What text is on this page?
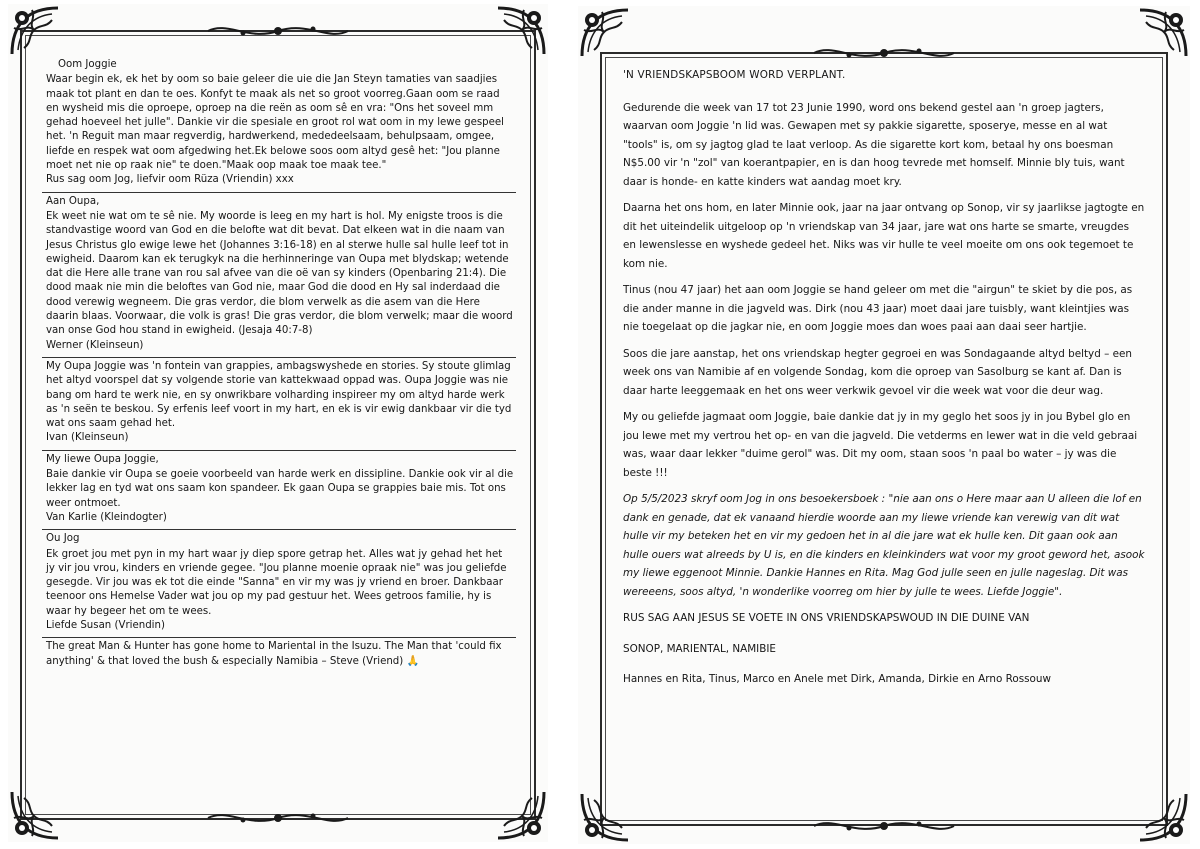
Oom Joggie

Waar begin ek, ek het by oom so baie geleer die uie die Jan Steyn tamaties van saadjies maak tot plant en dan te oes. Konfyt te maak als net so groot voorreg.Gaan oom se raad en wysheid mis die oproepe, oproep na die reën as oom sê en vra: "Ons het soveel mm gehad hoeveel het julle". Dankie vir die spesiale en groot rol wat oom in my lewe gespeel het. 'n Reguit man maar regverdig, hardwerkend, mededeelsaam, behulpsaam, omgee, liefde en respek wat oom afgedwing het.Ek belowe soos oom altyd gesê het: "Jou planne moet net nie op raak nie" te doen."Maak oop maak toe maak tee."

Rus sag oom Jog, liefvir oom Rüza (Vriendin) xxx

Aan Oupa,

Ek weet nie wat om te sê nie. My woorde is leeg en my hart is hol. My enigste troos is die standvastige woord van God en die belofte wat dit bevat. Dat elkeen wat in die naam van Jesus Christus glo ewige lewe het (Johannes 3:16-18) en al sterwe hulle sal hulle leef tot in ewigheid. Daarom kan ek terugkyk na die herhinneringe van Oupa met blydskap; wetende dat die Here alle trane van rou sal afvee van die oë van sy kinders (Openbaring 21:4). Die dood maak nie min die beloftes van God nie, maar God die dood en Hy sal inderdaad die dood verewig wegneem. Die gras verdor, die blom verwelk as die asem van die Here daarin blaas. Voorwaar, die volk is gras! Die gras verdor, die blom verwelk; maar die woord van onse God hou stand in ewigheid. (Jesaja 40:7-8)

Werner (Kleinseun)

My Oupa Joggie was 'n fontein van grappies, ambagswyshede en stories. Sy stoute glimlag het altyd voorspel dat sy volgende storie van kattekwaad oppad was. Oupa Joggie was nie bang om hard te werk nie, en sy onwrikbare volharding inspireer my om altyd harde werk as 'n seën te beskou. Sy erfenis leef voort in my hart, en ek is vir ewig dankbaar vir die tyd wat ons saam gehad het.

Ivan (Kleinseun)

My liewe Oupa Joggie,

Baie dankie vir Oupa se goeie voorbeeld van harde werk en dissipline. Dankie ook vir al die lekker lag en tyd wat ons saam kon spandeer. Ek gaan Oupa se grappies baie mis. Tot ons weer ontmoet.

Van Karlie (Kleindogter)

Ou Jog

Ek groet jou met pyn in my hart waar jy diep spore getrap het. Alles wat jy gehad het het jy vir jou vrou, kinders en vriende gegee. "Jou planne moenie opraak nie" was jou geliefde gesegde. Vir jou was ek tot die einde "Sanna" en vir my was jy vriend en broer. Dankbaar teenoor ons Hemelse Vader wat jou op my pad gestuur het. Wees getroos familie, hy is waar hy begeer het om te wees.

Liefde Susan (Vriendin)

The great Man & Hunter has gone home to Mariental in the Isuzu. The Man that 'could fix anything' & that loved the bush & especially Namibia – Steve (Vriend) 🙏

'N VRIENDSKAPSBOOM WORD VERPLANT.

Gedurende die week van 17 tot 23 Junie 1990, word ons bekend gestel aan 'n groep jagters, waarvan oom Joggie 'n lid was. Gewapen met sy pakkie sigarette, sposerye, messe en al wat "tools" is, om sy jagtog glad te laat verloop. As die sigarette kort kom, betaal hy ons boesman N$5.00 vir 'n "zol" van koerantpapier, en is dan hoog tevrede met homself. Minnie bly tuis, want daar is honde- en katte kinders wat aandag moet kry.

Daarna het ons hom, en later Minnie ook, jaar na jaar ontvang op Sonop, vir sy jaarlikse jagtogte en dit het uiteindelik uitgeloop op 'n vriendskap van 34 jaar, jare wat ons harte se smarte, vreugdes en lewenslesse en wyshede gedeel het. Niks was vir hulle te veel moeite om ons ook tegemoet te kom nie.

Tinus (nou 47 jaar) het aan oom Joggie se hand geleer om met die "airgun" te skiet by die pos, as die ander manne in die jagveld was. Dirk (nou 43 jaar) moet daai jare tuisbly, want kleintjies was nie toegelaat op die jagkar nie, en oom Joggie moes dan woes paai aan daai seer hartjie.

Soos die jare aanstap, het ons vriendskap hegter gegroei en was Sondagaande altyd beltyd – een week ons van Namibie af en volgende Sondag, kom die oproep van Sasolburg se kant af. Dan is daar harte leeggemaak en het ons weer verkwik gevoel vir die week wat voor die deur wag.

My ou geliefde jagmaat oom Joggie, baie dankie dat jy in my geglo het soos jy in jou Bybel glo en jou lewe met my vertrou het op- en van die jagveld. Die vetderms en lewer wat in die veld gebraai was, waar daar lekker "duime gerol" was. Dit my oom, staan soos 'n paal bo water – jy was die beste !!!

Op 5/5/2023 skryf oom Jog in ons besoekersboek : "nie aan ons o Here maar aan U alleen die lof en dank en genade, dat ek vanaand hierdie woorde aan my liewe vriende kan verewig van dit wat hulle vir my beteken het en vir my gedoen het in al die jare wat ek hulle ken. Dit gaan ook aan hulle ouers wat alreeds by U is, en die kinders en kleinkinders wat voor my groot geword het, asook my liewe eggenoot Minnie. Dankie Hannes en Rita. Mag God julle seen en julle nageslag. Dit was wereeens, soos altyd, 'n wonderlike voorreg om hier by julle te wees. Liefde Joggie".

RUS SAG AAN JESUS SE VOETE IN ONS VRIENDSKAPSWOUD IN DIE DUINE VAN

SONOP, MARIENTAL, NAMIBIE

Hannes en Rita, Tinus, Marco en Anele met Dirk, Amanda, Dirkie en Arno Rossouw
